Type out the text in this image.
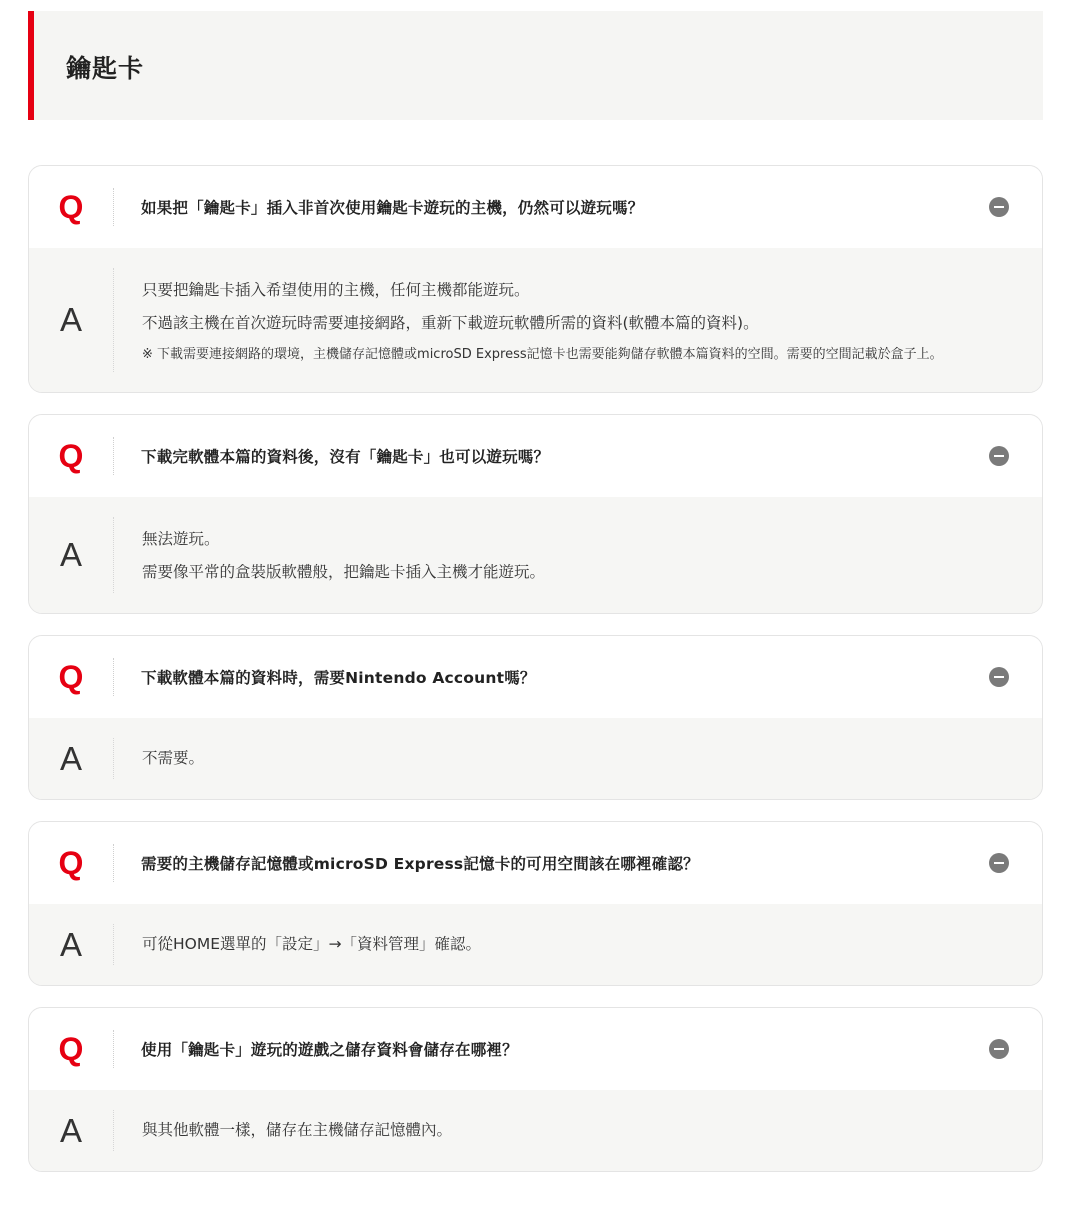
鑰匙卡
Q	如果把「鑰匙卡」插入非首次使用鑰匙卡遊玩的主機，仍然可以遊玩嗎？
A
只要把鑰匙卡插入希望使用的主機，任何主機都能遊玩。
不過該主機在首次遊玩時需要連接網路，重新下載遊玩軟體所需的資料(軟體本篇的資料)。
※ 下載需要連接網路的環境，主機儲存記憶體或microSD Express記憶卡也需要能夠儲存軟體本篇資料的空間。需要的空間記載於盒子上。
Q	下載完軟體本篇的資料後，沒有「鑰匙卡」也可以遊玩嗎？
A	無法遊玩。
需要像平常的盒裝版軟體般，把鑰匙卡插入主機才能遊玩。
Q	下載軟體本篇的資料時，需要Nintendo Account嗎？
A	不需要。
Q	需要的主機儲存記憶體或microSD Express記憶卡的可用空間該在哪裡確認？
A	可從HOME選單的「設定」→「資料管理」確認。
Q	使用「鑰匙卡」遊玩的遊戲之儲存資料會儲存在哪裡？
A	與其他軟體一樣，儲存在主機儲存記憶體內。
